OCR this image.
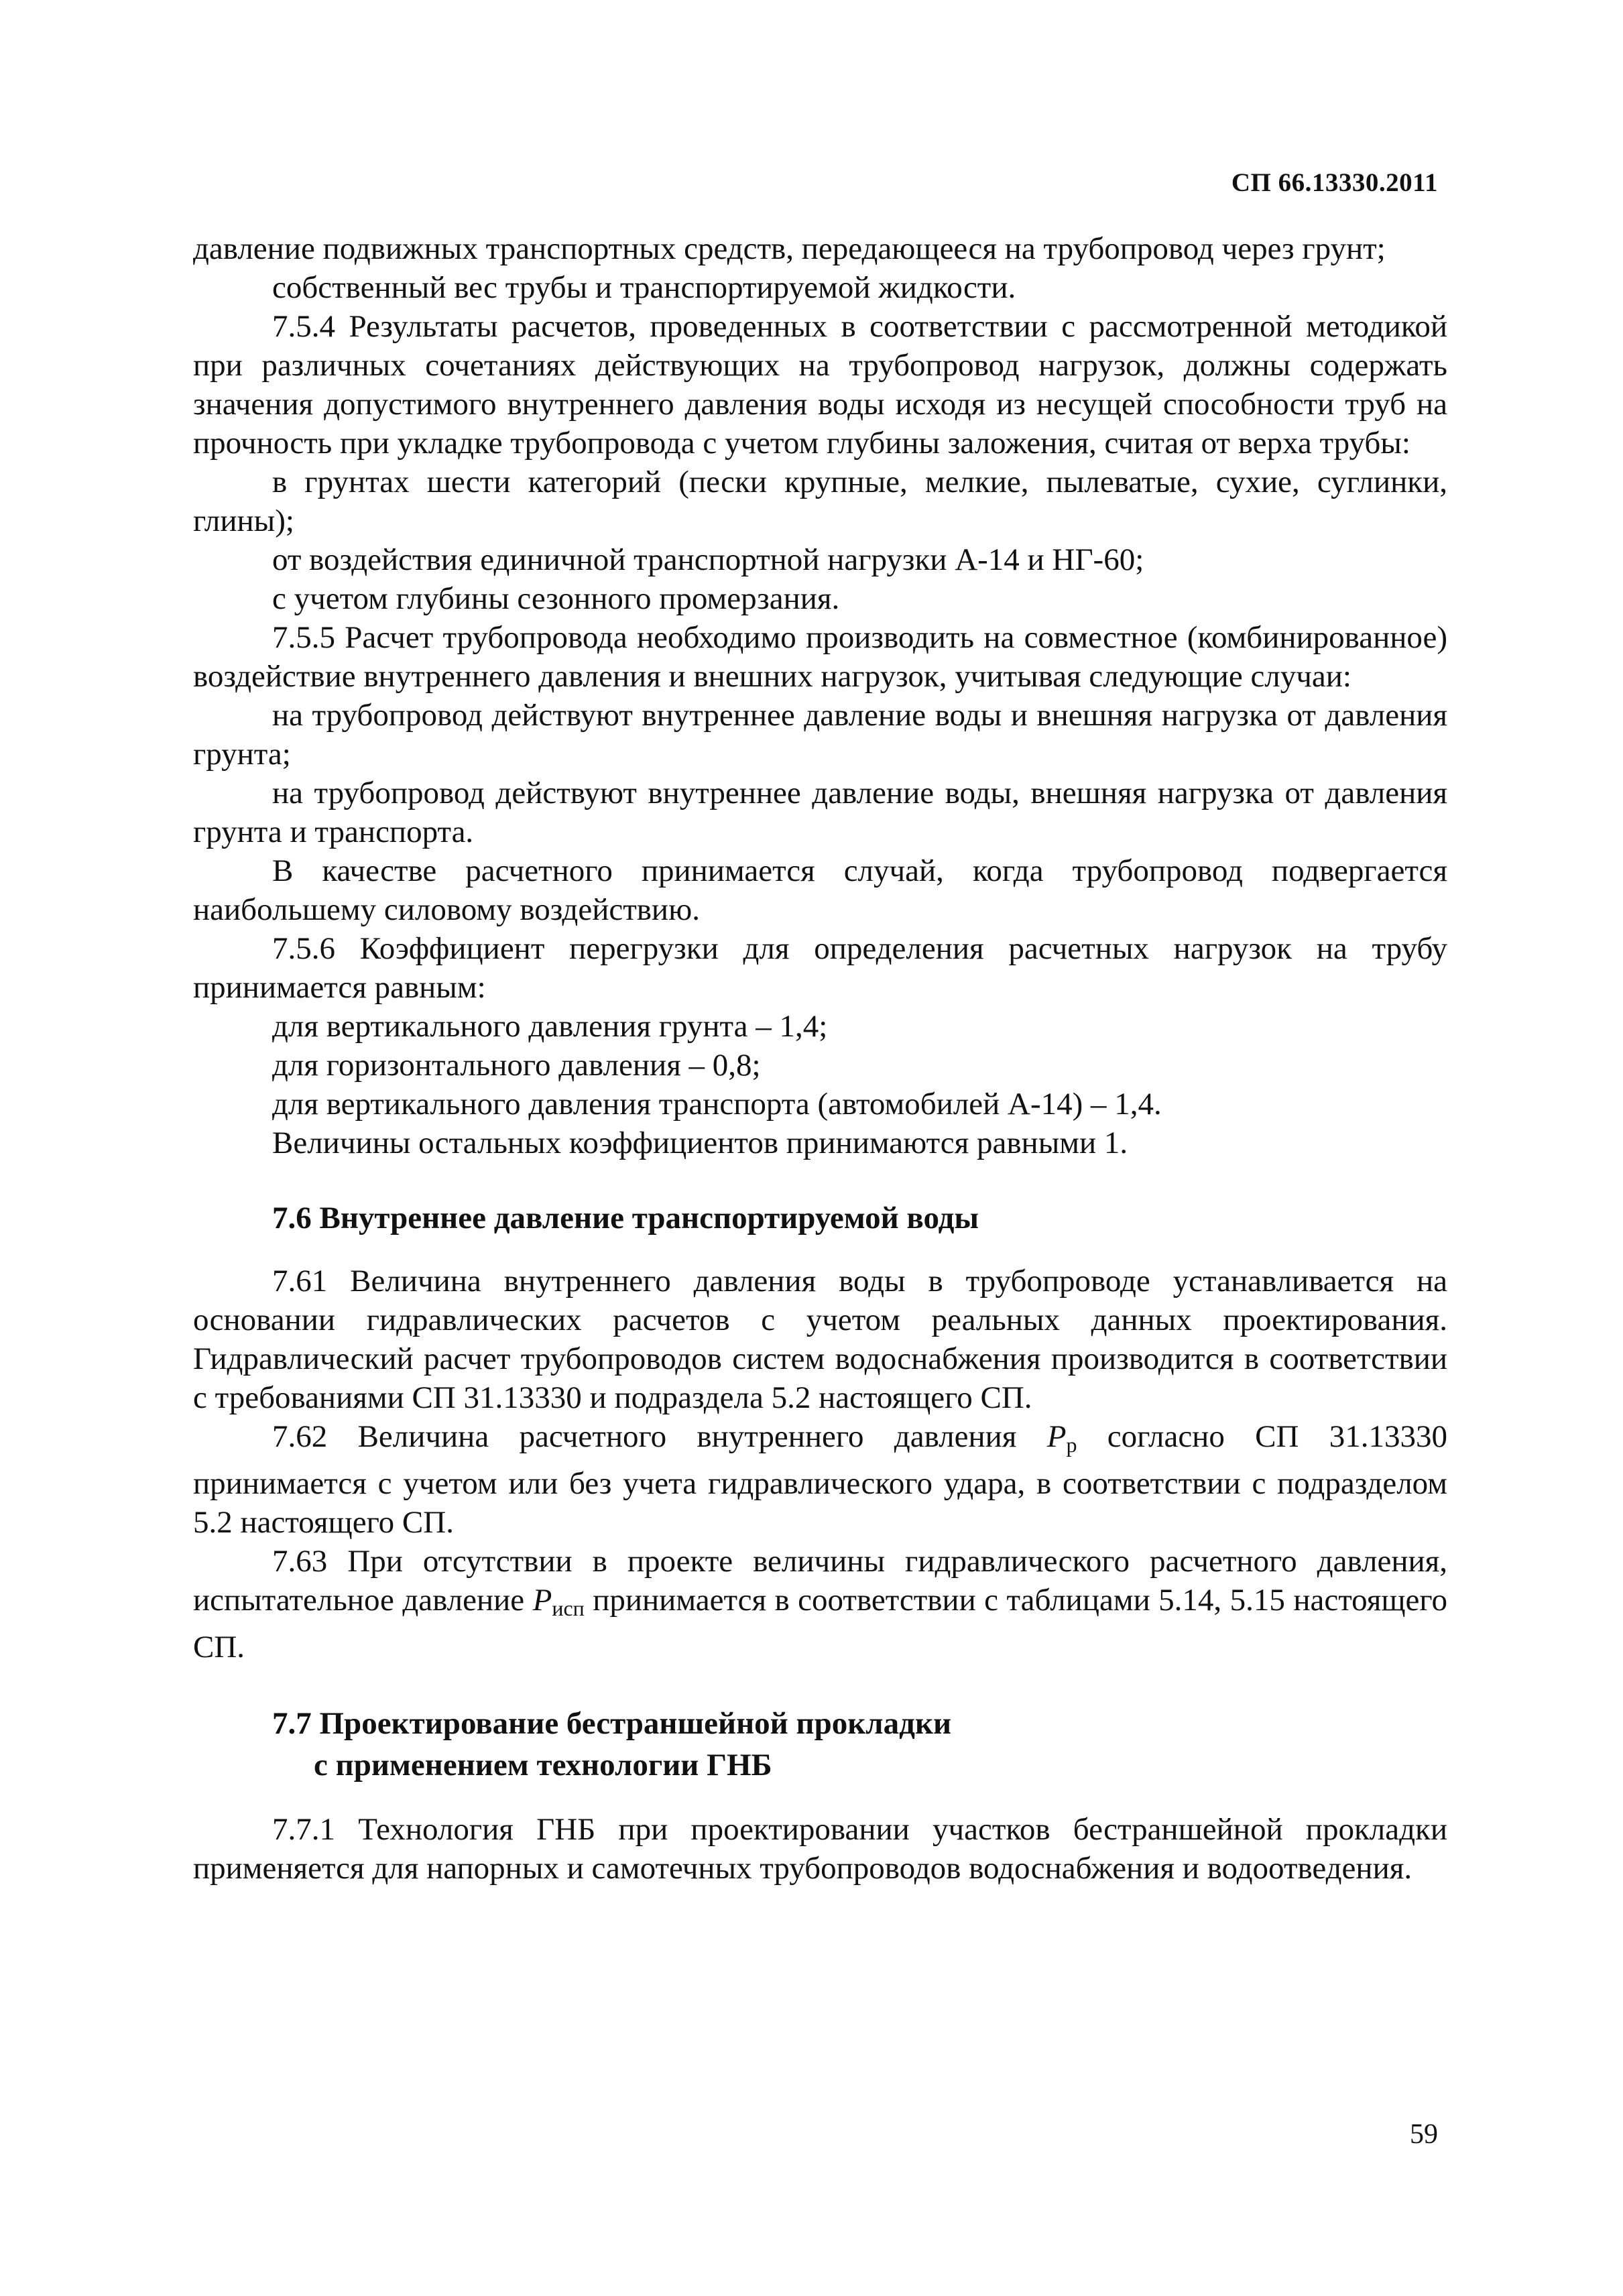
СП 66.13330.2011

давление подвижных транспортных средств, передающееся на трубопровод через грунт;

собственный вес трубы и транспортируемой жидкости.

7.5.4 Результаты расчетов, проведенных в соответствии с рассмотренной методикой при различных сочетаниях действующих на трубопровод нагрузок, должны содержать значения допустимого внутреннего давления воды исходя из несущей способности труб на прочность при укладке трубопровода с учетом глубины заложения, считая от верха трубы:

в грунтах шести категорий (пески крупные, мелкие, пылеватые, сухие, суглинки, глины);

от воздействия единичной транспортной нагрузки А-14 и НГ-60;

с учетом глубины сезонного промерзания.

7.5.5 Расчет трубопровода необходимо производить на совместное (комбинированное) воздействие внутреннего давления и внешних нагрузок, учитывая следующие случаи:

на трубопровод действуют внутреннее давление воды и внешняя нагрузка от давления грунта;

на трубопровод действуют внутреннее давление воды, внешняя нагрузка от давления грунта и транспорта.

В качестве расчетного принимается случай, когда трубопровод подвергается наибольшему силовому воздействию.

7.5.6 Коэффициент перегрузки для определения расчетных нагрузок на трубу принимается равным:

для вертикального давления грунта – 1,4;

для горизонтального давления – 0,8;

для вертикального давления транспорта (автомобилей А-14) – 1,4.

Величины остальных коэффициентов принимаются равными 1.

7.6 Внутреннее давление транспортируемой воды

7.61 Величина внутреннего давления воды в трубопроводе устанавливается на основании гидравлических расчетов с учетом реальных данных проектирования. Гидравлический расчет трубопроводов систем водоснабжения производится в соответствии с требованиями СП 31.13330 и подраздела 5.2 настоящего СП.

7.62 Величина расчетного внутреннего давления $P_р$ согласно СП 31.13330 принимается с учетом или без учета гидравлического удара, в соответствии с подразделом 5.2 настоящего СП.

7.63 При отсутствии в проекте величины гидравлического расчетного давления, испытательное давление $P_{исп}$ принимается в соответствии с таблицами 5.14, 5.15 настоящего СП.

7.7 Проектирование бестраншейной прокладки
с применением технологии ГНБ

7.7.1 Технология ГНБ при проектировании участков бестраншейной прокладки применяется для напорных и самотечных трубопроводов водоснабжения и водоотведения.

59
